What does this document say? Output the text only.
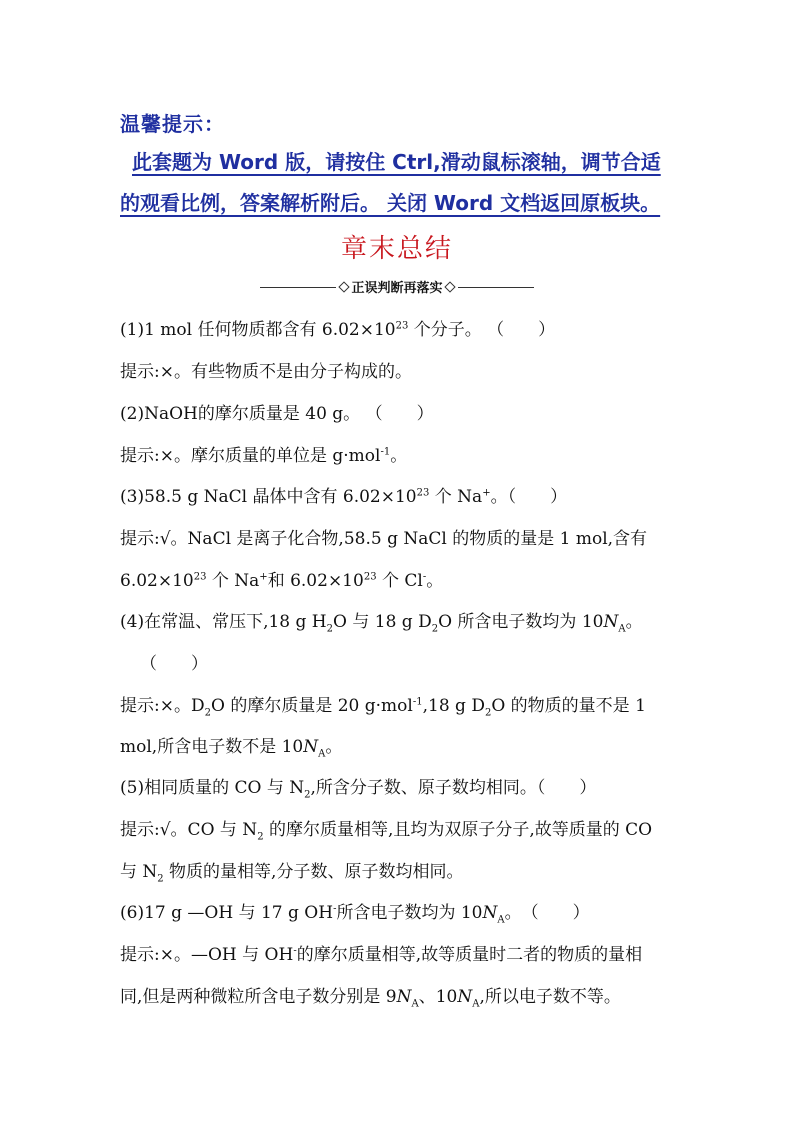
温馨提示：
此套题为 Word 版，请按住 Ctrl,滑动鼠标滚轴，调节合适
的观看比例，答案解析附后。 关闭 Word 文档返回原板块。
章末总结
正误判断再落实
(1)1 mol 任何物质都含有 $6.02\times 10^{23}$ 个分子。 （　　）
提示:×。有些物质不是由分子构成的。
(2)NaOH的摩尔质量是 40 g。 （　　）
提示:×。摩尔质量的单位是 g·mol$^{-1}$。
(3)58.5 g NaCl 晶体中含有 $6.02\times 10^{23}$ 个 Na+。（　　）
提示:√。NaCl 是离子化合物,58.5 g NaCl 的物质的量是 1 mol,含有
$6.02\times 10^{23}$ 个 Na+和 $6.02\times 10^{23}$ 个 Cl-。
(4)在常温、常压下,18 g $H_2O$ 与 18 g $D_2O$ 所含电子数均为 $10N_A$。
（　　）
提示:×。$D_2O$ 的摩尔质量是 20 g·mol$^{-1}$,18 g $D_2O$ 的物质的量不是 1
mol,所含电子数不是 $10N_A$。
(5)相同质量的 CO 与 $N_2$,所含分子数、原子数均相同。（　　）
提示:√。CO 与 $N_2$ 的摩尔质量相等,且均为双原子分子,故等质量的 CO
与 $N_2$ 物质的量相等,分子数、原子数均相同。
(6)17 g —OH 与 17 g OH-所含电子数均为 $10N_A$。　（　　）
提示:×。—OH 与 OH-的摩尔质量相等,故等质量时二者的物质的量相
同,但是两种微粒所含电子数分别是 $9N_A$、$10N_A$,所以电子数不等。
